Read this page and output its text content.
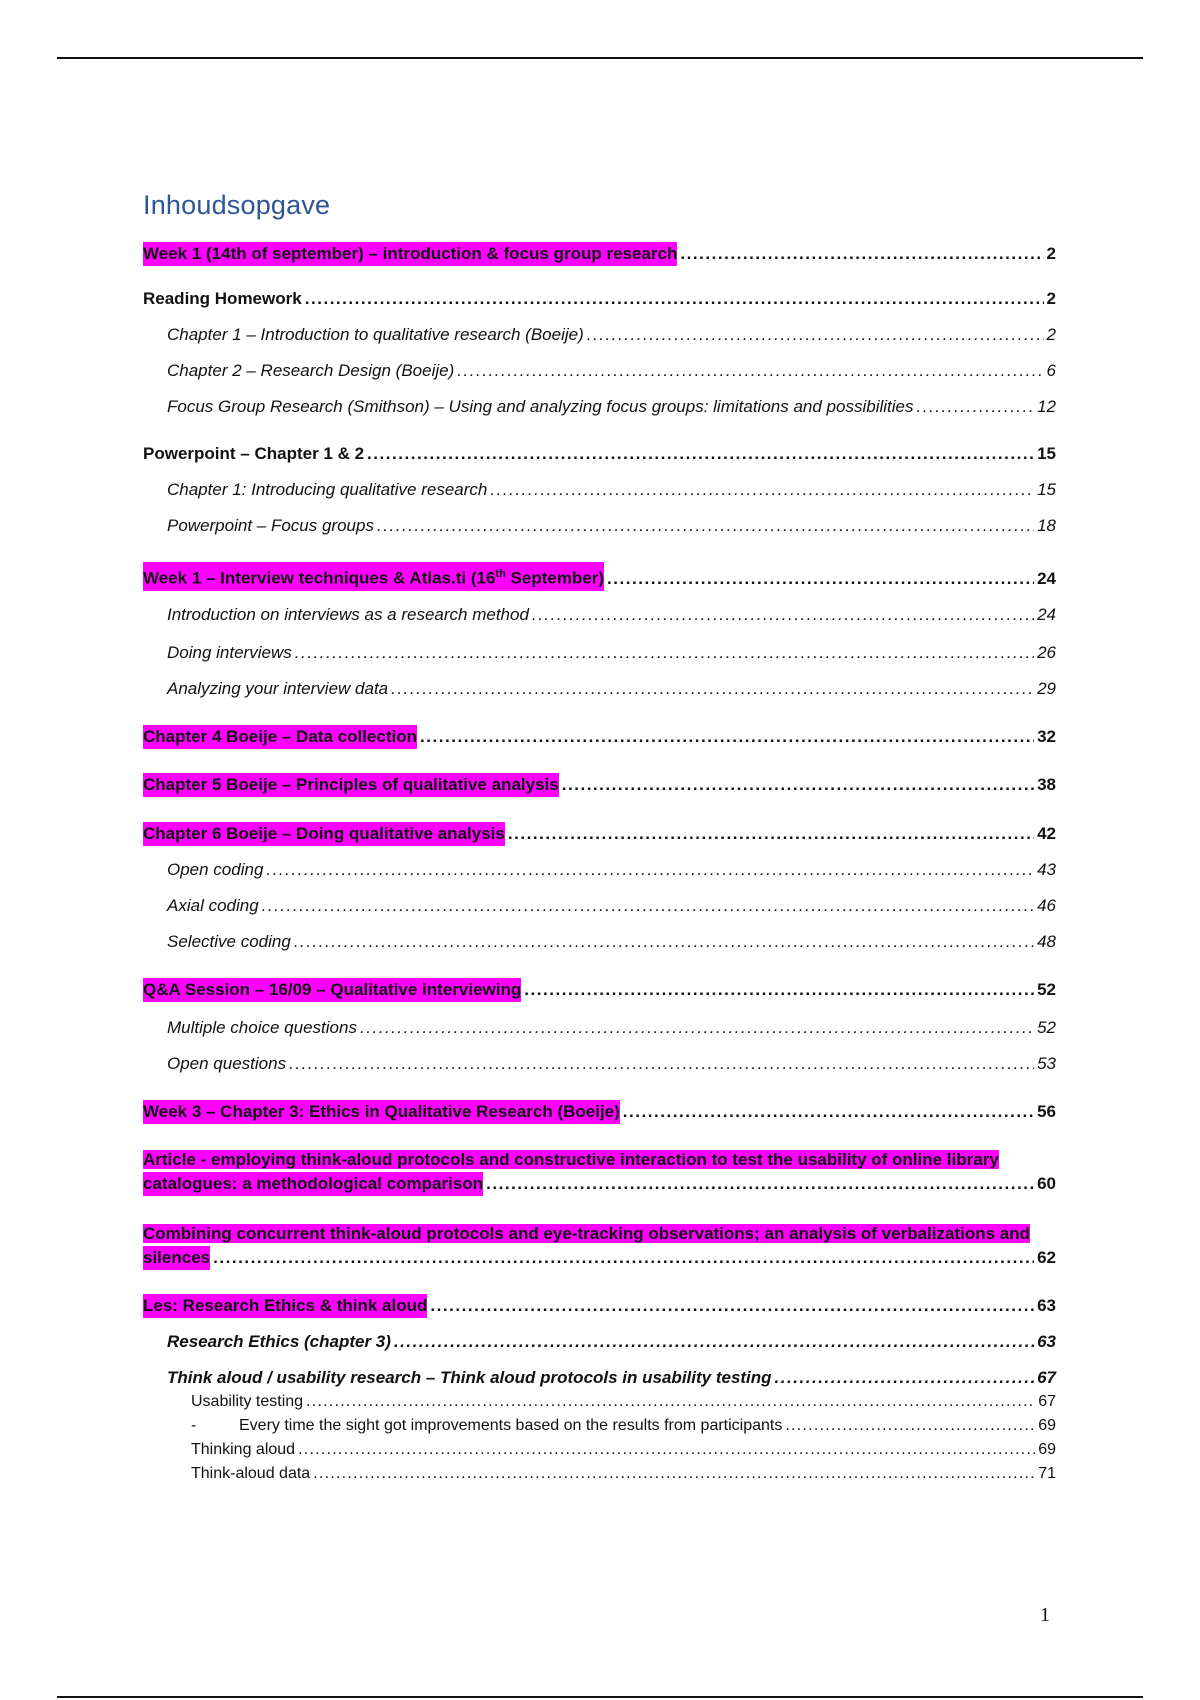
Inhoudsopgave
Week 1 (14th of september) – introduction & focus group research . . .	2
Reading Homework . . .	2
Chapter 1 – Introduction to qualitative research (Boeije) . . .	2
Chapter 2 – Research Design (Boeije) . . .	6
Focus Group Research (Smithson) – Using and analyzing focus groups: limitations and possibilities . . .	12
Powerpoint – Chapter 1 & 2 . . .	15
Chapter 1: Introducing qualitative research . . .	15
Powerpoint – Focus groups . . .	18
Week 1 – Interview techniques & Atlas.ti (16th September) . . .	24
Introduction on interviews as a research method . . .	24
Doing interviews . . .	26
Analyzing your interview data . . .	29
Chapter 4 Boeije – Data collection . . .	32
Chapter 5 Boeije – Principles of qualitative analysis . . .	38
Chapter 6 Boeije – Doing qualitative analysis . . .	42
Open coding . . .	43
Axial coding . . .	46
Selective coding . . .	48
Q&A Session – 16/09 – Qualitative interviewing . . .	52
Multiple choice questions . . .	52
Open questions . . .	53
Week 3 – Chapter 3: Ethics in Qualitative Research (Boeije) . . .	56
Article - employing think-aloud protocols and constructive interaction to test the usability of online library
catalogues: a methodological comparison . . .	60
Combining concurrent think-aloud protocols and eye-tracking observations; an analysis of verbalizations and
silences . . .	62
Les: Research Ethics & think aloud . . .	63
Research Ethics (chapter 3) . . .	63
Think aloud / usability research – Think aloud protocols in usability testing . . .	67
Usability testing . . .	67
-	Every time the sight got improvements based on the results from participants . . .	69
Thinking aloud . . .	69
Think-aloud data . . .	71
1
